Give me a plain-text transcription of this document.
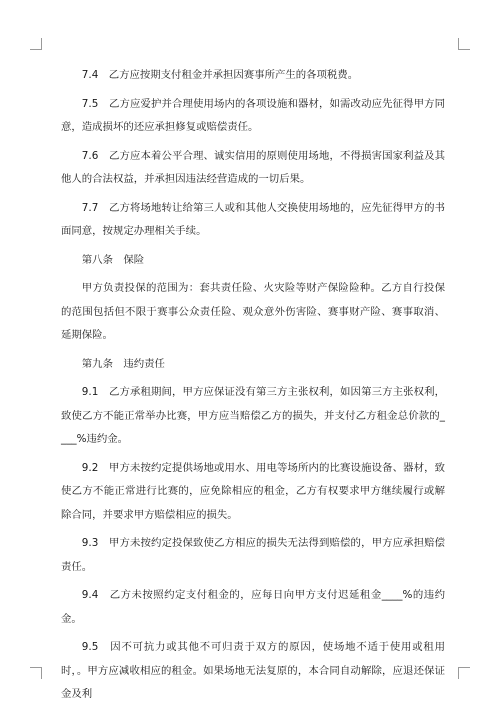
7.4　乙方应按期支付租金并承担因赛事所产生的各项税费。

7.5　乙方应爱护并合理使用场内的各项设施和器材，如需改动应先征得甲方同意，造成损坏的还应承担修复或赔偿责任。

7.6　乙方应本着公平合理、诚实信用的原则使用场地，不得损害国家利益及其他人的合法权益，并承担因违法经营造成的一切后果。

7.7　乙方将场地转让给第三人或和其他人交换使用场地的，应先征得甲方的书面同意，按规定办理相关手续。

第八条　保险

甲方负责投保的范围为：套共责任险、火灾险等财产保险险种。乙方自行投保的范围包括但不限于赛事公众责任险、观众意外伤害险、赛事财产险、赛事取消、延期保险。

第九条　违约责任

9.1　乙方承租期间，甲方应保证没有第三方主张权利，如因第三方主张权利，致使乙方不能正常举办比赛，甲方应当赔偿乙方的损失，并支付乙方租金总价款的____%违约金。

9.2　甲方未按约定提供场地或用水、用电等场所内的比赛设施设备、器材，致使乙方不能正常进行比赛的，应免除相应的租金，乙方有权要求甲方继续履行或解除合同，并要求甲方赔偿相应的损失。

9.3　甲方未按约定投保致使乙方相应的损失无法得到赔偿的，甲方应承担赔偿责任。

9.4　乙方未按照约定支付租金的，应每日向甲方支付迟延租金____%的违约金。

9.5　因不可抗力或其他不可归责于双方的原因，使场地不适于使用或租用时，。甲方应减收相应的租金。如果场地无法复原的，本合同自动解除，应退还保证金及利
